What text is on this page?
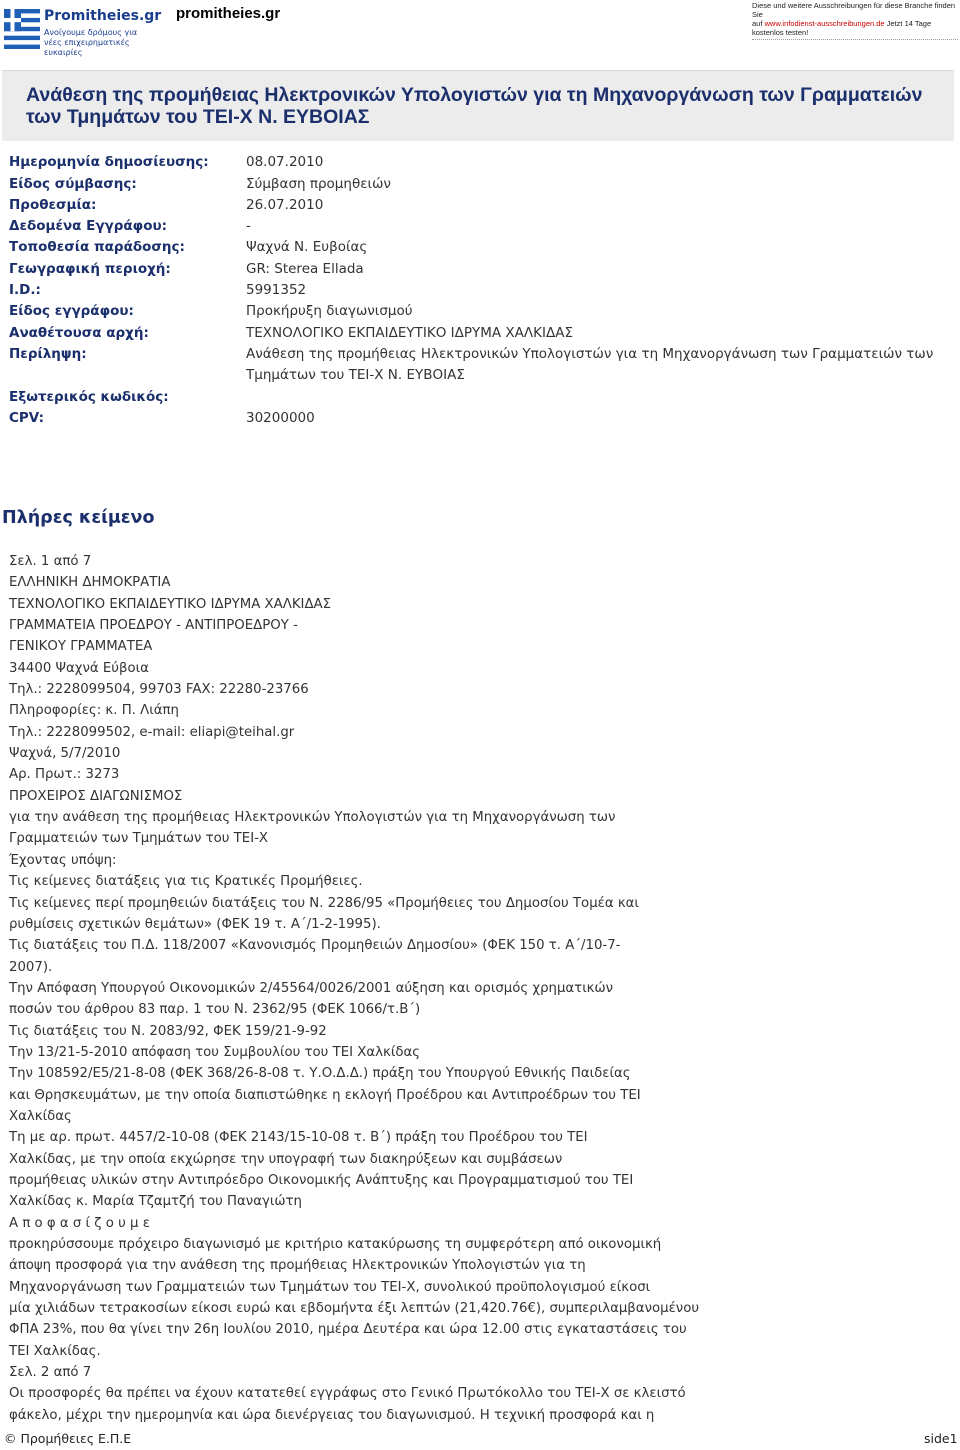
Promitheies.gr
Ανοίγουμε δρόμους για νέες επιχειρηματικές ευκαιρίες
promitheies.gr	Diese und weitere Ausschreibungen für diese Branche finden Sie
auf www.infodienst-ausschreibungen.de Jetzt 14 Tage
kostenlos testen!
Ανάθεση της προμήθειας Ηλεκτρονικών Υπολογιστών για τη Μηχανοργάνωση των Γραμματειών των Τμημάτων του ΤΕΙ-Χ Ν. ΕΥΒΟΙΑΣ
Ημερομηνία δημοσίευσης:	08.07.2010
Είδος σύμβασης:	Σύμβαση προμηθειών
Προθεσμία:	26.07.2010
Δεδομένα Εγγράφου:	-
Τοποθεσία παράδοσης:	Ψαχνά Ν. Ευβοίας
Γεωγραφική περιοχή:	GR: Sterea Ellada
I.D.:	5991352
Είδος εγγράφου:	Προκήρυξη διαγωνισμού
Αναθέτουσα αρχή:	ΤΕΧΝΟΛΟΓΙΚΟ ΕΚΠΑΙΔΕΥΤΙΚΟ ΙΔΡΥΜΑ ΧΑΛΚΙΔΑΣ
Περίληψη:	Ανάθεση της προμήθειας Ηλεκτρονικών Υπολογιστών για τη Μηχανοργάνωση των Γραμματειών των Τμημάτων του ΤΕΙ-Χ Ν. ΕΥΒΟΙΑΣ
Εξωτερικός κωδικός:
CPV:	30200000
Πλήρες κείμενο
Σελ. 1 από 7
ΕΛΛΗΝΙΚΗ ΔΗΜΟΚΡΑΤΙΑ
ΤΕΧΝΟΛΟΓΙΚΟ ΕΚΠΑΙΔΕΥΤΙΚΟ ΙΔΡΥΜΑ ΧΑΛΚΙΔΑΣ
ΓΡΑΜΜΑΤΕΙΑ ΠΡΟΕΔΡΟΥ - ΑΝΤΙΠΡΟΕΔΡΟΥ -
ΓΕΝΙΚΟΥ ΓΡΑΜΜΑΤΕΑ
34400 Ψαχνά Εύβοια
Τηλ.: 2228099504, 99703 FAX: 22280-23766
Πληροφορίες: κ. Π. Λιάπη
Τηλ.: 2228099502, e-mail: eliapi@teihal.gr
Ψαχνά, 5/7/2010
Αρ. Πρωτ.: 3273
ΠΡΟΧΕΙΡΟΣ ΔΙΑΓΩΝΙΣΜΟΣ
για την ανάθεση της προμήθειας Ηλεκτρονικών Υπολογιστών για τη Μηχανοργάνωση των
Γραμματειών των Τμημάτων του ΤΕΙ-Χ
Έχοντας υπόψη:
Τις κείμενες διατάξεις για τις Κρατικές Προμήθειες.
Τις κείμενες περί προμηθειών διατάξεις του Ν. 2286/95 «Προμήθειες του Δημοσίου Τομέα και
ρυθμίσεις σχετικών θεμάτων» (ΦΕΚ 19 τ. Α΄/1-2-1995).
Τις διατάξεις του Π.Δ. 118/2007 «Κανονισμός Προμηθειών Δημοσίου» (ΦΕΚ 150 τ. Α΄/10-7-
2007).
Την Απόφαση Υπουργού Οικονομικών 2/45564/0026/2001 αύξηση και ορισμός χρηματικών
ποσών του άρθρου 83 παρ. 1 του Ν. 2362/95 (ΦΕΚ 1066/τ.Β΄)
Τις διατάξεις του Ν. 2083/92, ΦΕΚ 159/21-9-92
Την 13/21-5-2010 απόφαση του Συμβουλίου του ΤΕΙ Χαλκίδας
Την 108592/Ε5/21-8-08 (ΦΕΚ 368/26-8-08 τ. Υ.Ο.Δ.Δ.) πράξη του Υπουργού Εθνικής Παιδείας
και Θρησκευμάτων, με την οποία διαπιστώθηκε η εκλογή Προέδρου και Αντιπροέδρων του ΤΕΙ
Χαλκίδας
Τη με αρ. πρωτ. 4457/2-10-08 (ΦΕΚ 2143/15-10-08 τ. Β΄) πράξη του Προέδρου του ΤΕΙ
Χαλκίδας, με την οποία εκχώρησε την υπογραφή των διακηρύξεων και συμβάσεων
προμήθειας υλικών στην Αντιπρόεδρο Οικονομικής Ανάπτυξης και Προγραμματισμού του ΤΕΙ
Χαλκίδας κ. Μαρία Τζαμτζή του Παναγιώτη
Α π ο φ α σ ί ζ ο υ μ ε
προκηρύσσουμε πρόχειρο διαγωνισμό με κριτήριο κατακύρωσης τη συμφερότερη από οικονομική
άποψη προσφορά για την ανάθεση της προμήθειας Ηλεκτρονικών Υπολογιστών για τη
Μηχανοργάνωση των Γραμματειών των Τμημάτων του ΤΕΙ-Χ, συνολικού προϋπολογισμού είκοσι
μία χιλιάδων τετρακοσίων είκοσι ευρώ και εβδομήντα έξι λεπτών (21,420.76€), συμπεριλαμβανομένου
ΦΠΑ 23%, που θα γίνει την 26η Ιουλίου 2010, ημέρα Δευτέρα και ώρα 12.00 στις εγκαταστάσεις του
ΤΕΙ Χαλκίδας.
Σελ. 2 από 7
Οι προσφορές θα πρέπει να έχουν κατατεθεί εγγράφως στο Γενικό Πρωτόκολλο του ΤΕΙ-Χ σε κλειστό
φάκελο, μέχρι την ημερομηνία και ώρα διενέργειας του διαγωνισμού. Η τεχνική προσφορά και η
© Προμήθειες Ε.Π.Ε	side1
